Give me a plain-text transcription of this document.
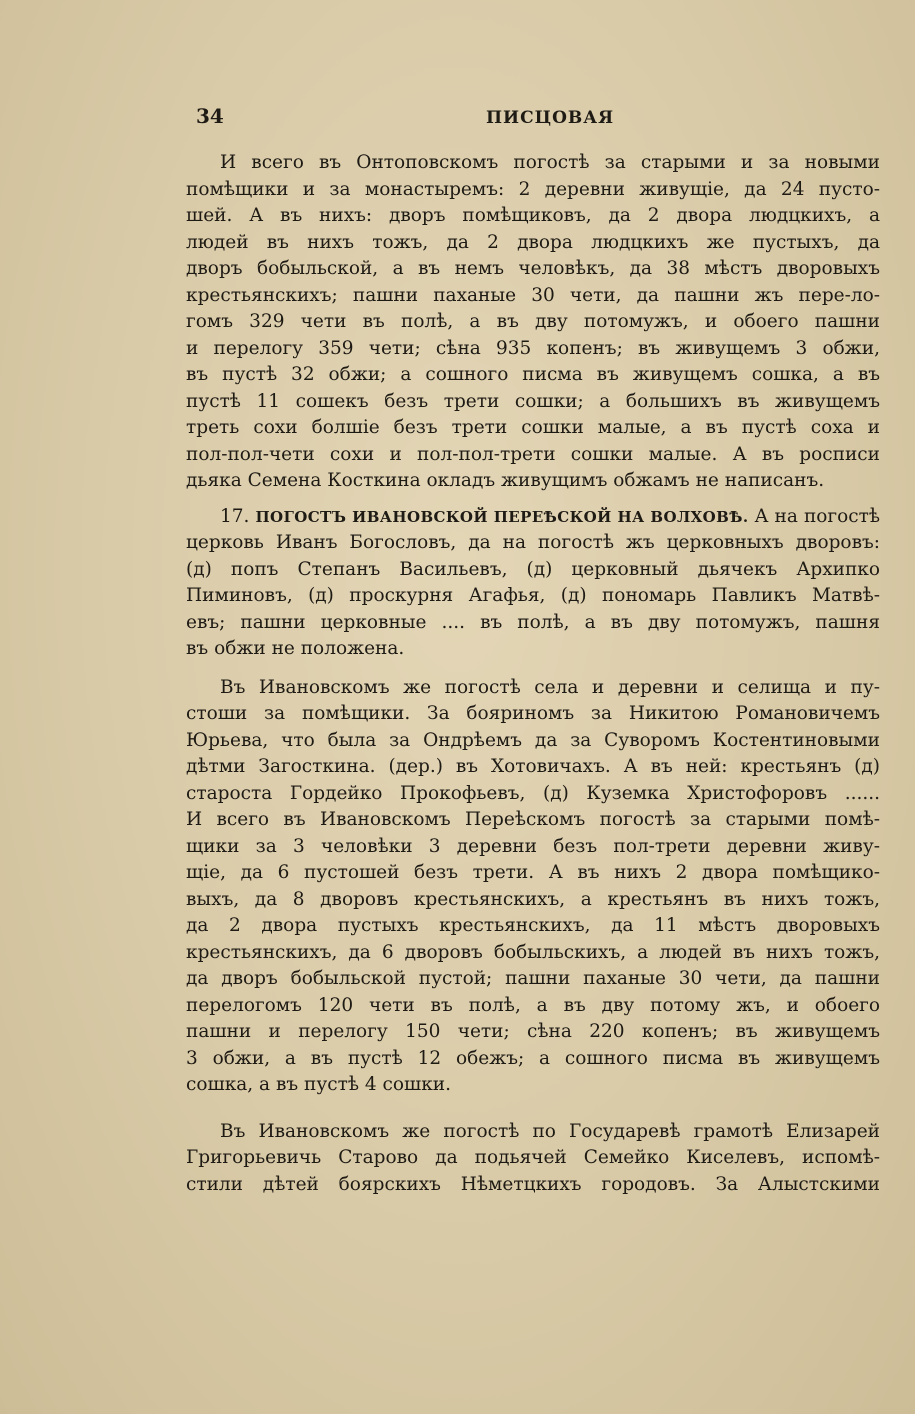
34	ПИСЦОВАЯ
И всего въ Онтоповскомъ погостѣ за старыми и за новыми
помѣщики и за монастыремъ: 2 деревни живущіе, да 24 пусто-
шей. А въ нихъ: дворъ помѣщиковъ, да 2 двора людцкихъ, а
людей въ нихъ тожъ, да 2 двора людцкихъ же пустыхъ, да
дворъ бобыльской, а въ немъ человѣкъ, да 38 мѣстъ дворовыхъ
крестьянскихъ; пашни паханые 30 чети, да пашни жъ пере-ло-
гомъ 329 чети въ полѣ, а въ дву потомужъ, и обоего пашни
и перелогу 359 чети; сѣна 935 копенъ; въ живущемъ 3 обжи,
въ пустѣ 32 обжи; а сошного писма въ живущемъ сошка, а въ
пустѣ 11 сошекъ безъ трети сошки; а большихъ въ живущемъ
треть сохи болшіе безъ трети сошки малые, а въ пустѣ соха и
пол-пол-чети сохи и пол-пол-трети сошки малые. А въ росписи
дьяка Семена Косткина окладъ живущимъ обжамъ не написанъ.
17. ПОГОСТЪ ИВАНОВСКОЙ ПЕРЕѢСКОЙ НА ВОЛХОВѢ. А на погостѣ
церковь Иванъ Богословъ, да на погостѣ жъ церковныхъ дворовъ:
(д) попъ Степанъ Васильевъ, (д) церковный дьячекъ Архипко
Пиминовъ, (д) проскурня Агафья, (д) пономарь Павликъ Матвѣ-
евъ; пашни церковные .... въ полѣ, а въ дву потомужъ, пашня
въ обжи не положена.
Въ Ивановскомъ же погостѣ села и деревни и селища и пу-
стоши за помѣщики. За бояриномъ за Никитою Романовичемъ
Юрьева, что была за Ондрѣемъ да за Суворомъ Костентиновыми
дѣтми Загосткина. (дер.) въ Хотовичахъ. А въ ней: крестьянъ (д)
староста Гордейко Прокофьевъ, (д) Куземка Христофоровъ ......
И всего въ Ивановскомъ Переѣскомъ погостѣ за старыми помѣ-
щики за 3 человѣки 3 деревни безъ пол-трети деревни живу-
щіе, да 6 пустошей безъ трети. А въ нихъ 2 двора помѣщико-
выхъ, да 8 дворовъ крестьянскихъ, а крестьянъ въ нихъ тожъ,
да 2 двора пустыхъ крестьянскихъ, да 11 мѣстъ дворовыхъ
крестьянскихъ, да 6 дворовъ бобыльскихъ, а людей въ нихъ тожъ,
да дворъ бобыльской пустой; пашни паханые 30 чети, да пашни
перелогомъ 120 чети въ полѣ, а въ дву потому жъ, и обоего
пашни и перелогу 150 чети; сѣна 220 копенъ; въ живущемъ
3 обжи, а въ пустѣ 12 обежъ; а сошного писма въ живущемъ
сошка, а въ пустѣ 4 сошки.
Въ Ивановскомъ же погостѣ по Государевѣ грамотѣ Елизарей
Григорьевичь Старово да подьячей Семейко Киселевъ, испомѣ-
стили дѣтей боярскихъ Нѣметцкихъ городовъ. За Алыстскими
